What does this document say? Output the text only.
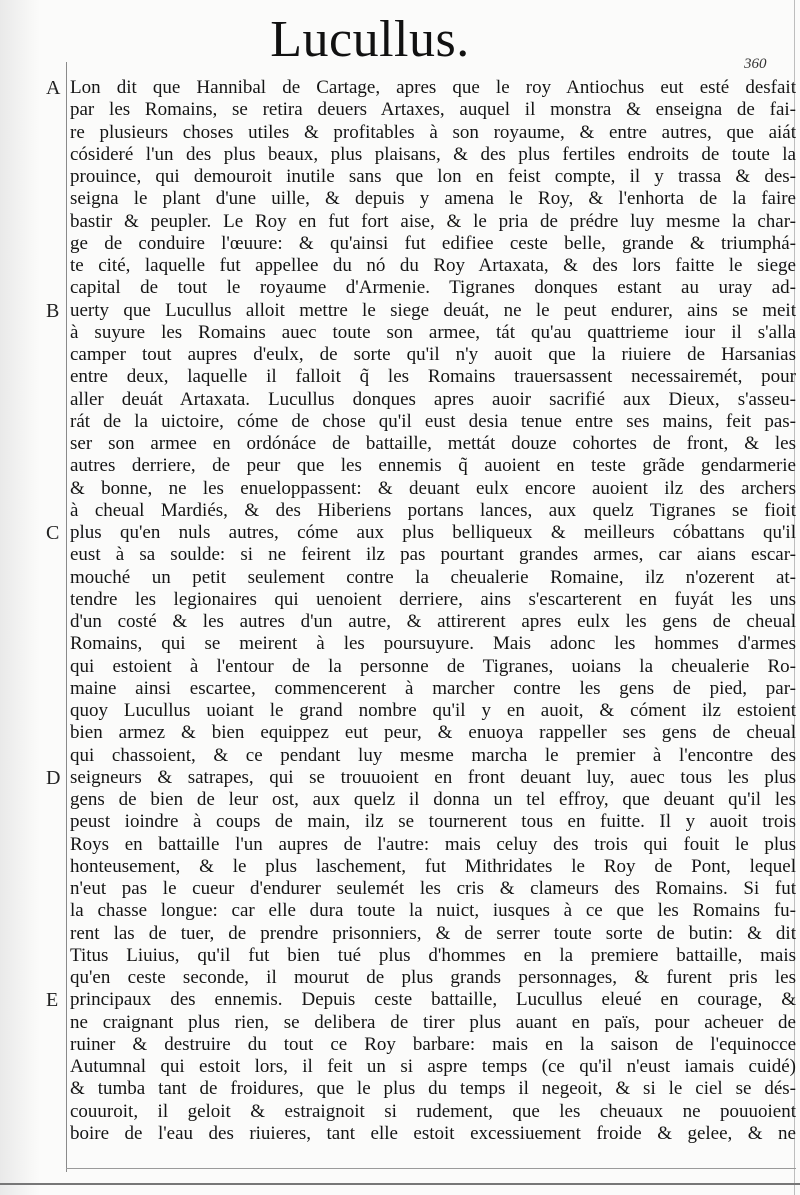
Lucullus.	360
A
B
C
D
E
Lon dit que Hannibal de Cartage, apres que le roy Antiochus eut esté desfait
par les Romains, se retira deuers Artaxes, auquel il monstra & enseigna de fai-
re plusieurs choses utiles & profitables à son royaume, & entre autres, que aiát
cósideré l'un des plus beaux, plus plaisans, & des plus fertiles endroits de toute la
prouince, qui demouroit inutile sans que lon en feist compte, il y trassa & des-
seigna le plant d'une uille, & depuis y amena le Roy, & l'enhorta de la faire
bastir & peupler. Le Roy en fut fort aise, & le pria de prédre luy mesme la char-
ge de conduire l'œuure: & qu'ainsi fut edifiee ceste belle, grande & triumphá-
te cité, laquelle fut appellee du nó du Roy Artaxata, & des lors faitte le siege
capital de tout le royaume d'Armenie. Tigranes donques estant au uray ad-
uerty que Lucullus alloit mettre le siege deuát, ne le peut endurer, ains se meit
à suyure les Romains auec toute son armee, tát qu'au quattrieme iour il s'alla
camper tout aupres d'eulx, de sorte qu'il n'y auoit que la riuiere de Harsanias
entre deux, laquelle il falloit q̃ les Romains trauersassent necessairemét, pour
aller deuát Artaxata. Lucullus donques apres auoir sacrifié aux Dieux, s'asseu-
rát de la uictoire, cóme de chose qu'il eust desia tenue entre ses mains, feit pas-
ser son armee en ordónáce de battaille, mettát douze cohortes de front, & les
autres derriere, de peur que les ennemis q̃ auoient en teste grãde gendarmerie
& bonne, ne les enueloppassent: & deuant eulx encore auoient ilz des archers
à cheual Mardiés, & des Hiberiens portans lances, aux quelz Tigranes se fioit
plus qu'en nuls autres, cóme aux plus belliqueux & meilleurs cóbattans qu'il
eust à sa soulde: si ne feirent ilz pas pourtant grandes armes, car aians escar-
mouché un petit seulement contre la cheualerie Romaine, ilz n'ozerent at-
tendre les legionaires qui uenoient derriere, ains s'escarterent en fuyát les uns
d'un costé & les autres d'un autre, & attirerent apres eulx les gens de cheual
Romains, qui se meirent à les poursuyure. Mais adonc les hommes d'armes
qui estoient à l'entour de la personne de Tigranes, uoians la cheualerie Ro-
maine ainsi escartee, commencerent à marcher contre les gens de pied, par-
quoy Lucullus uoiant le grand nombre qu'il y en auoit, & cóment ilz estoient
bien armez & bien equippez eut peur, & enuoya rappeller ses gens de cheual
qui chassoient, & ce pendant luy mesme marcha le premier à l'encontre des
seigneurs & satrapes, qui se trouuoient en front deuant luy, auec tous les plus
gens de bien de leur ost, aux quelz il donna un tel effroy, que deuant qu'il les
peust ioindre à coups de main, ilz se tournerent tous en fuitte. Il y auoit trois
Roys en battaille l'un aupres de l'autre: mais celuy des trois qui fouit le plus
honteusement, & le plus laschement, fut Mithridates le Roy de Pont, lequel
n'eut pas le cueur d'endurer seulemét les cris & clameurs des Romains. Si fut
la chasse longue: car elle dura toute la nuict, iusques à ce que les Romains fu-
rent las de tuer, de prendre prisonniers, & de serrer toute sorte de butin: & dit
Titus Liuius, qu'il fut bien tué plus d'hommes en la premiere battaille, mais
qu'en ceste seconde, il mourut de plus grands personnages, & furent pris les
principaux des ennemis. Depuis ceste battaille, Lucullus eleué en courage, &
ne craignant plus rien, se delibera de tirer plus auant en païs, pour acheuer de
ruiner & destruire du tout ce Roy barbare: mais en la saison de l'equinocce
Autumnal qui estoit lors, il feit un si aspre temps (ce qu'il n'eust iamais cuidé)
& tumba tant de froidures, que le plus du temps il negeoit, & si le ciel se dés-
couuroit, il geloit & estraignoit si rudement, que les cheuaux ne pouuoient
boire de l'eau des riuieres, tant elle estoit excessiuement froide & gelee, & ne
